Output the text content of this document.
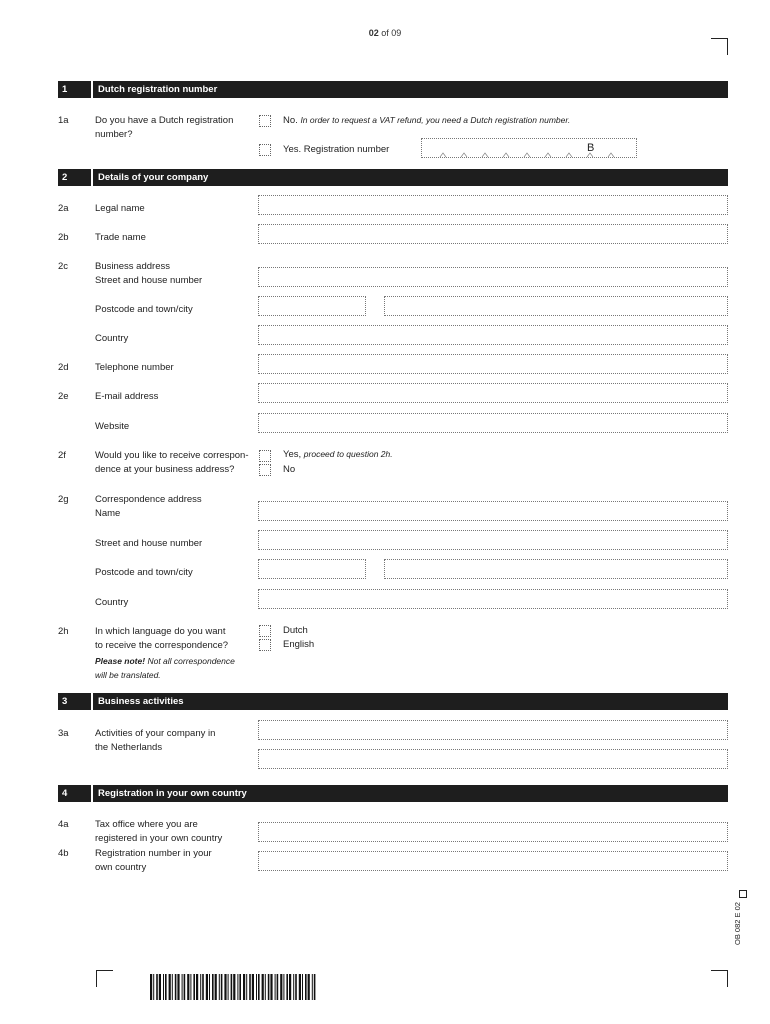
02 of 09
1	Dutch registration number
1a	Do you have a Dutch registration number?
No. In order to request a VAT refund, you need a Dutch registration number.
Yes. Registration number	B
2	Details of your company
2a	Legal name
2b	Trade name
2c	Business address
Street and house number
Postcode and town/city
Country
2d	Telephone number
2e	E-mail address
Website
2f	Would you like to receive correspon-
dence at your business address?
Yes, proceed to question 2h.
No
2g	Correspondence address
Name
Street and house number
Postcode and town/city
Country
2h	In which language do you want
to receive the correspondence?
Please note! Not all correspondence
will be translated.
Dutch
English
3	Business activities
3a	Activities of your company in
the Netherlands
4	Registration in your own country
4a	Tax office where you are
registered in your own country
4b	Registration number in your
own country
OB 082 E 02
